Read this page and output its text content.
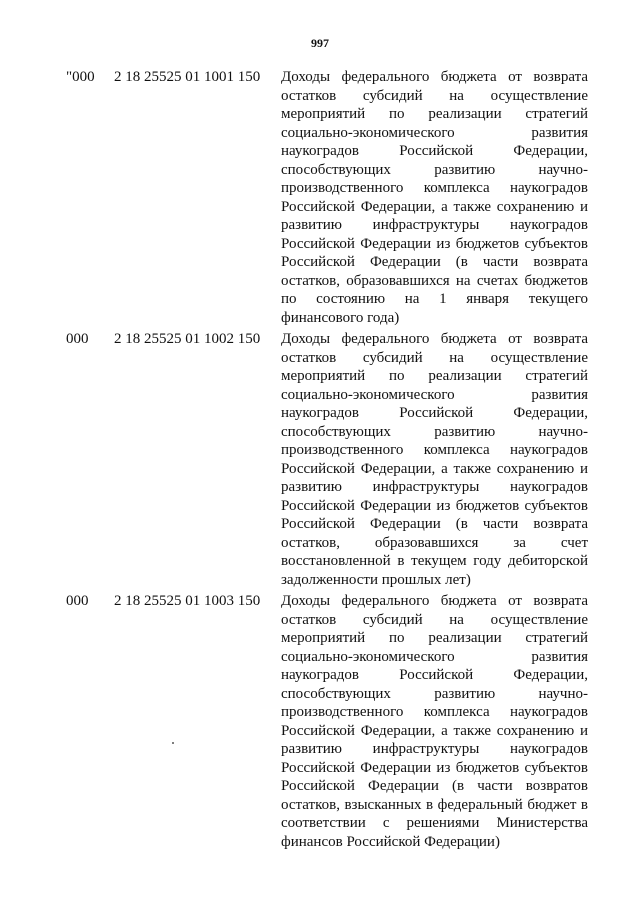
997
"000 2 18 25525 01 1001 150 Доходы федерального бюджета от возврата остатков субсидий на осуществление мероприятий по реализации стратегий социально-экономического развития наукоградов Российской Федерации, способствующих развитию научно-производственного комплекса наукоградов Российской Федерации, а также сохранению и развитию инфраструктуры наукоградов Российской Федерации из бюджетов субъектов Российской Федерации (в части возврата остатков, образовавшихся на счетах бюджетов по состоянию на 1 января текущего финансового года)
000 2 18 25525 01 1002 150 Доходы федерального бюджета от возврата остатков субсидий на осуществление мероприятий по реализации стратегий социально-экономического развития наукоградов Российской Федерации, способствующих развитию научно-производственного комплекса наукоградов Российской Федерации, а также сохранению и развитию инфраструктуры наукоградов Российской Федерации из бюджетов субъектов Российской Федерации (в части возврата остатков, образовавшихся за счет восстановленной в текущем году дебиторской задолженности прошлых лет)
000 2 18 25525 01 1003 150 Доходы федерального бюджета от возврата остатков субсидий на осуществление мероприятий по реализации стратегий социально-экономического развития наукоградов Российской Федерации, способствующих развитию научно-производственного комплекса наукоградов Российской Федерации, а также сохранению и развитию инфраструктуры наукоградов Российской Федерации из бюджетов субъектов Российской Федерации (в части возвратов остатков, взысканных в федеральный бюджет в соответствии с решениями Министерства финансов Российской Федерации)
